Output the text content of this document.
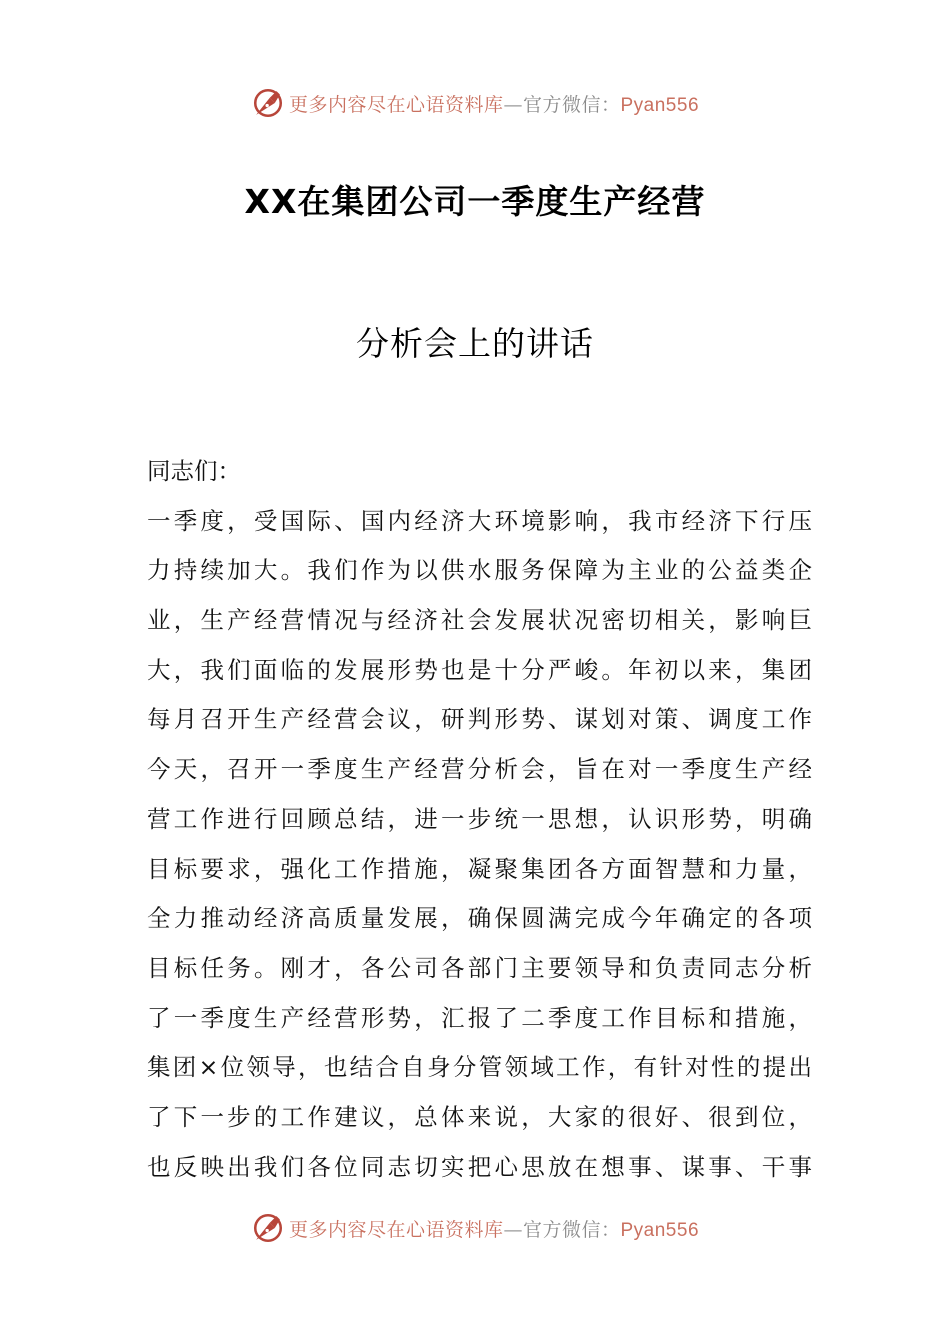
更多内容尽在心语资料库—官方微信：Pyan556
XX在集团公司一季度生产经营
分析会上的讲话
同志们：
一季度，受国际、国内经济大环境影响，我市经济下行压
力持续加大。我们作为以供水服务保障为主业的公益类企
业，生产经营情况与经济社会发展状况密切相关，影响巨
大，我们面临的发展形势也是十分严峻。年初以来，集团
每月召开生产经营会议，研判形势、谋划对策、调度工作
今天，召开一季度生产经营分析会，旨在对一季度生产经
营工作进行回顾总结，进一步统一思想，认识形势，明确
目标要求，强化工作措施，凝聚集团各方面智慧和力量，
全力推动经济高质量发展，确保圆满完成今年确定的各项
目标任务。刚才，各公司各部门主要领导和负责同志分析
了一季度生产经营形势，汇报了二季度工作目标和措施，
集团×位领导，也结合自身分管领域工作，有针对性的提出
了下一步的工作建议，总体来说，大家的很好、很到位，
也反映出我们各位同志切实把心思放在想事、谋事、干事
更多内容尽在心语资料库—官方微信：Pyan556
